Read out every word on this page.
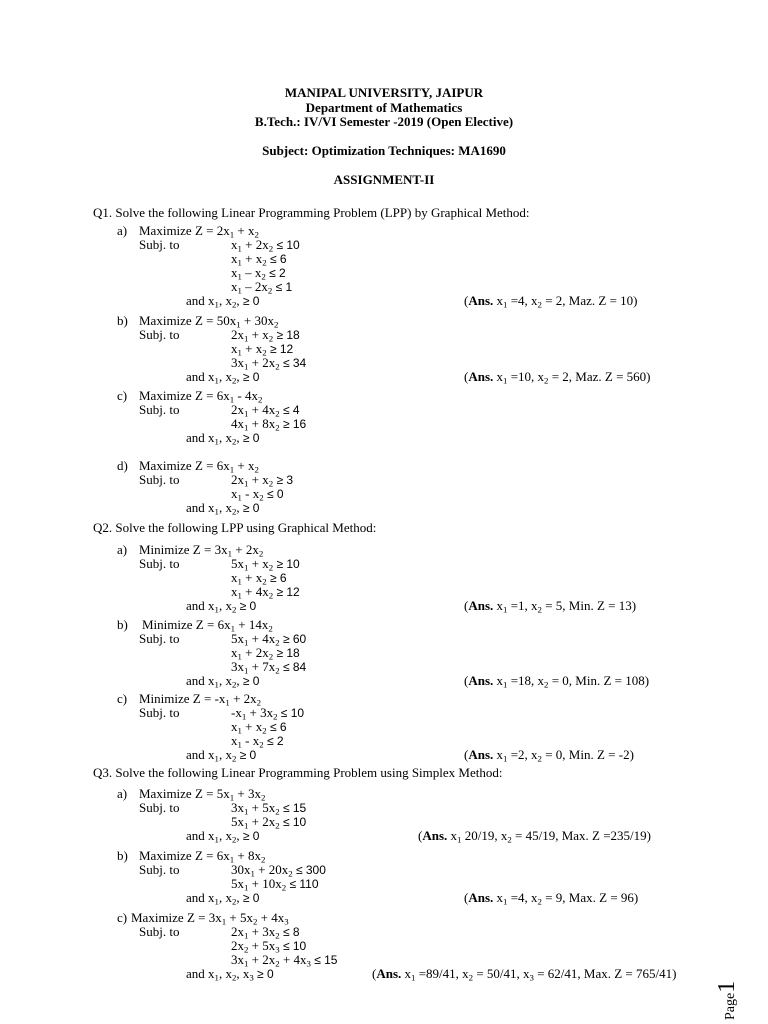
MANIPAL UNIVERSITY, JAIPUR
Department of Mathematics
B.Tech.: IV/VI Semester -2019 (Open Elective)
Subject: Optimization Techniques: MA1690
ASSIGNMENT-II
Q1. Solve the following Linear Programming Problem (LPP) by Graphical Method:
a) Maximize $Z = 2x_1 + x_2$
Subj. to	$x_1 + 2x_2 \le 10$
$x_1 + x_2 \le 6$
$x_1 - x_2 \le 2$
$x_1 - 2x_2 \le 1$
and $x_1$, $x_2$, ≥ 0	(Ans. $x_1 =4$, $x_2 = 2$, Maz. Z = 10)
b) Maximize $Z = 50x_1 + 30x_2$
Subj. to	$2x_1 + x_2 \ge 18$
$x_1 + x_2 \ge 12$
$3x_1 + 2x_2 \le 34$
and $x_1$, $x_2$, ≥ 0	(Ans. $x_1 =10$, $x_2 = 2$, Maz. Z = 560)
c) Maximize $Z = 6x_1 - 4x_2$
Subj. to	$2x_1 + 4x_2 \le 4$
$4x_1 + 8x_2 \ge 16$
and $x_1$, $x_2$, ≥ 0
d) Maximize $Z = 6x_1 + x_2$
Subj. to	$2x_1 + x_2 \ge 3$
$x_1 - x_2 \le 0$
and $x_1$, $x_2$, ≥ 0
Q2. Solve the following LPP using Graphical Method:
a) Minimize $Z = 3x_1 + 2x_2$
Subj. to	$5x_1 + x_2 \ge 10$
$x_1 + x_2 \ge 6$
$x_1 + 4x_2 \ge 12$
and $x_1$, $x_2 \ge 0$	(Ans. $x_1 =1$, $x_2 = 5$, Min. Z = 13)
b) Minimize $Z = 6x_1 + 14x_2$
Subj. to	$5x_1 + 4x_2 \ge 60$
$x_1 + 2x_2 \ge 18$
$3x_1 + 7x_2 \le 84$
and $x_1$, $x_2$, ≥ 0	(Ans. $x_1 =18$, $x_2 = 0$, Min. Z = 108)
c) Minimize $Z = -x_1 + 2x_2$
Subj. to	$-x_1 + 3x_2 \le 10$
$x_1 + x_2 \le 6$
$x_1 - x_2 \le 2$
and $x_1$, $x_2 \ge 0$	(Ans. $x_1 =2$, $x_2 = 0$, Min. Z = -2)
Q3. Solve the following Linear Programming Problem using Simplex Method:
a) Maximize $Z = 5x_1 + 3x_2$
Subj. to	$3x_1 + 5x_2 \le 15$
$5x_1 + 2x_2 \le 10$
and $x_1$, $x_2$, ≥ 0	(Ans. $x_1$ 20/19, $x_2 = 45/19$, Max. Z =235/19)
b) Maximize $Z = 6x_1 + 8x_2$
Subj. to	$30x_1 + 20x_2 \le 300$
$5x_1 + 10x_2 \le 110$
and $x_1$, $x_2$, ≥ 0	(Ans. $x_1 =4$, $x_2 = 9$, Max. Z = 96)
c) Maximize $Z = 3x_1 + 5x_2 + 4x_3$
Subj. to	$2x_1 + 3x_2 \le 8$
$2x_2 + 5x_3 \le 10$
$3x_1 + 2x_2 + 4x_3 \le 15$
and $x_1$, $x_2$, $x_3 \ge 0$	(Ans. $x_1 =89/41$, $x_2 = 50/41$, $x_3 = 62/41$, Max. Z = 765/41)
Page1
